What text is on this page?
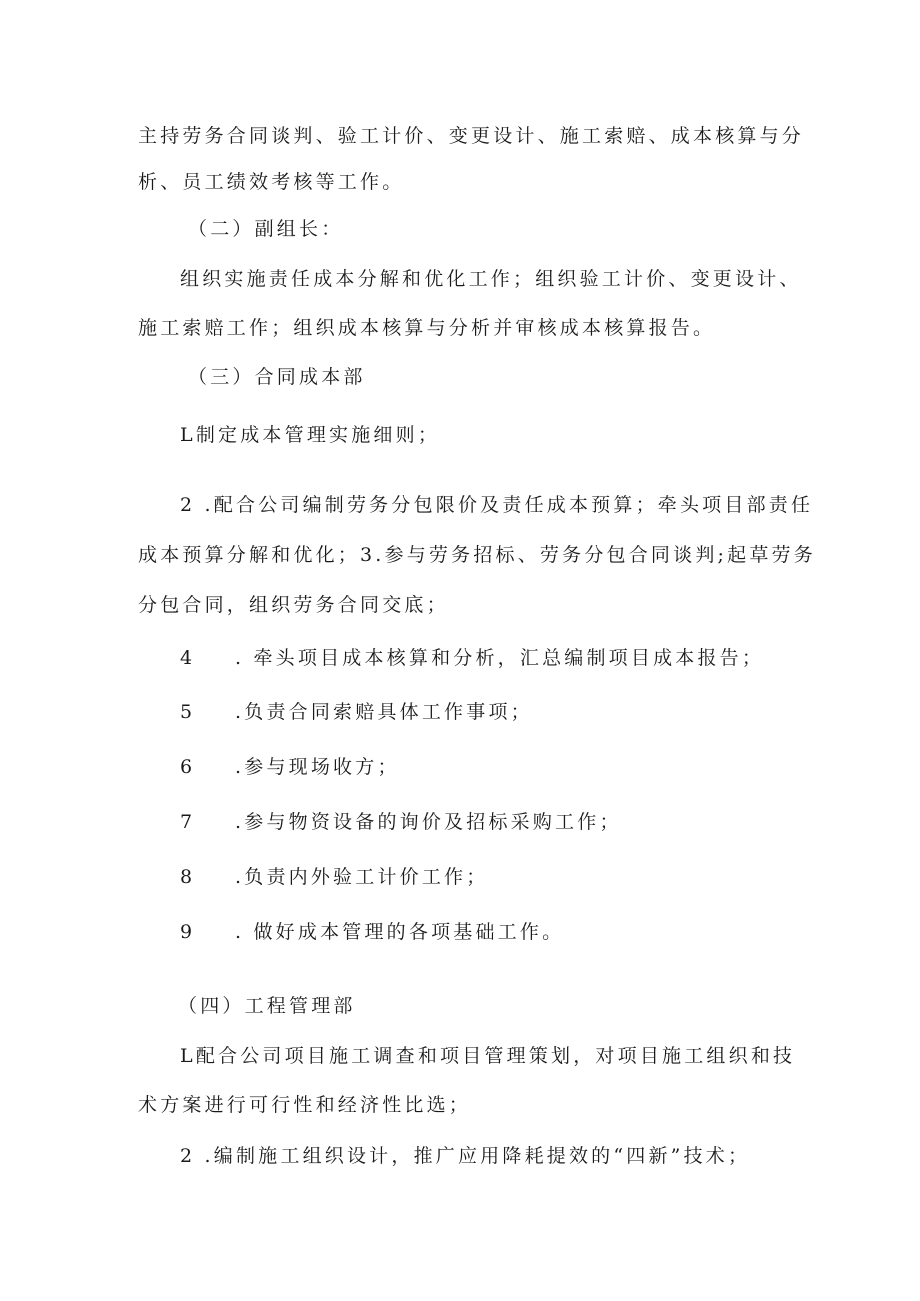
主持劳务合同谈判、验工计价、变更设计、施工索赔、成本核算与分
析、员工绩效考核等工作。
（二）副组长：
组织实施责任成本分解和优化工作；组织验工计价、变更设计、
施工索赔工作；组织成本核算与分析并审核成本核算报告。
（三）合同成本部
L制定成本管理实施细则；
2 .配合公司编制劳务分包限价及责任成本预算；牵头项目部责任
成本预算分解和优化；3.参与劳务招标、劳务分包合同谈判;起草劳务
分包合同，组织劳务合同交底；
4 . 牵头项目成本核算和分析，汇总编制项目成本报告；
5 .负责合同索赔具体工作事项；
6 .参与现场收方；
7 .参与物资设备的询价及招标采购工作；
8 .负责内外验工计价工作；
9 . 做好成本管理的各项基础工作。
（四）工程管理部
L配合公司项目施工调查和项目管理策划，对项目施工组织和技
术方案进行可行性和经济性比选；
2 .编制施工组织设计，推广应用降耗提效的“四新”技术；
